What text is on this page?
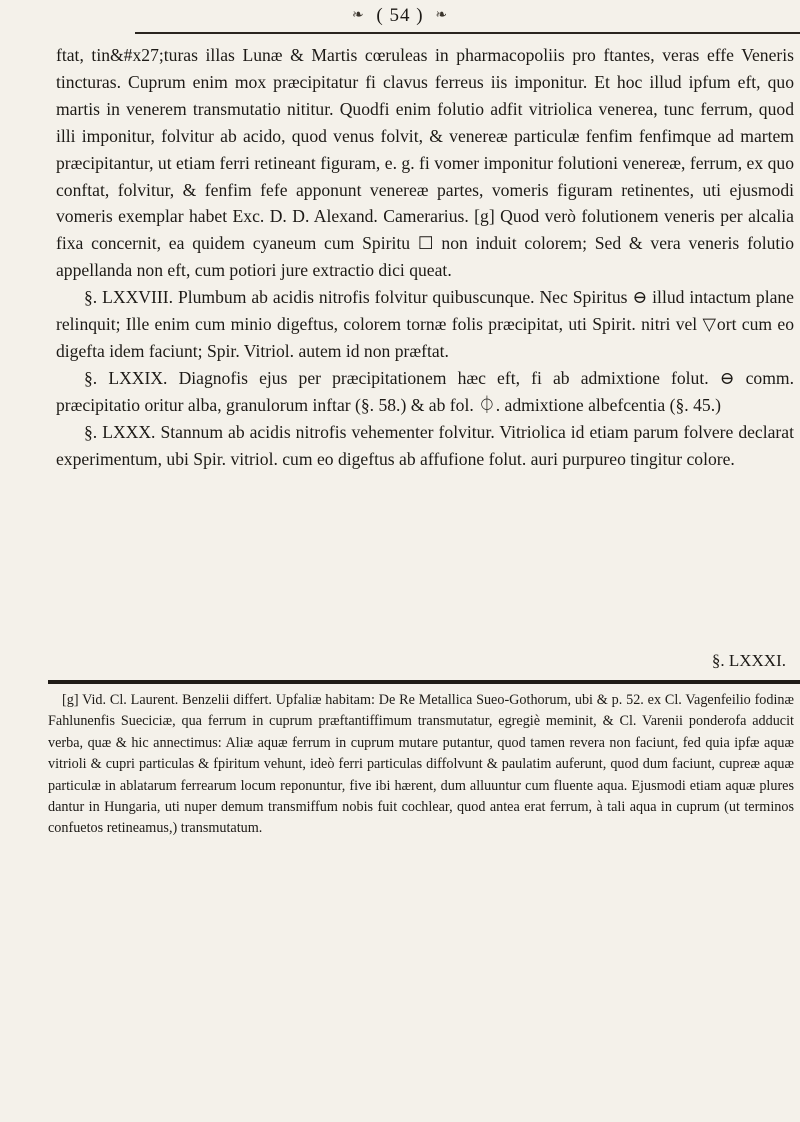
❧ ( 54 ) ❧

ftat, tin&#x27;turas illas Lunæ & Martis cœruleas in pharmacopoliis pro ftantes, veras effe Veneris tincturas. Cuprum enim mox præcipitatur fi clavus ferreus iis imponitur. Et hoc illud ipfum eft, quo martis in venerem transmutatio nititur. Quodfi enim folutio adfit vitriolica venerea, tunc ferrum, quod illi imponitur, folvitur ab acido, quod venus folvit, & venereæ particulæ fenfim fenfimque ad martem præcipitantur, ut etiam ferri retineant figuram, e. g. fi vomer imponitur folutioni venereæ, ferrum, ex quo conftat, folvitur, & fenfim fefe apponunt venereæ partes, vomeris figuram retinentes, uti ejusmodi vomeris exemplar habet Exc. D. D. Alexand. Camerarius. [g] Quod verò folutionem veneris per alcalia fixa concernit, ea quidem cyaneum cum Spiritu ☐ non induit colorem; Sed & vera veneris folutio appellanda non eft, cum potiori jure extractio dici queat.

§. LXXVIII. Plumbum ab acidis nitrofis folvitur quibuscunque. Nec Spiritus ⊖ illud intactum plane relinquit; Ille enim cum minio digeftus, colorem tornæ folis præcipitat, uti Spirit. nitri vel ▽ort cum eo digefta idem faciunt; Spir. Vitriol. autem id non præftat.

§. LXXIX. Diagnofis ejus per præcipitationem hæc eft, fi ab admixtione folut. ⊖ comm. præcipitatio oritur alba, granulorum inftar (§. 58.) & ab fol. ⏀. admixtione albefcentia (§. 45.)

§. LXXX. Stannum ab acidis nitrofis vehementer folvitur. Vitriolica id etiam parum folvere declarat experimentum, ubi Spir. vitriol. cum eo digeftus ab affufione folut. auri purpureo tingitur colore.

§. LXXXI.

[g] Vid. Cl. Laurent. Benzelii differt. Upfaliæ habitam: De Re Metallica Sueo-Gothorum, ubi & p. 52. ex Cl. Vagenfeilio fodinæ Fahlunenfis Sueciciæ, qua ferrum in cuprum præftantiffimum transmutatur, egregiè meminit, & Cl. Varenii ponderofa adducit verba, quæ & hic annectimus: Aliæ aquæ ferrum in cuprum mutare putantur, quod tamen revera non faciunt, fed quia ipfæ aquæ vitrioli & cupri particulas & fpiritum vehunt, ideò ferri particulas diffolvunt & paulatim auferunt, quod dum faciunt, cupreæ aquæ particulæ in ablatarum ferrearum locum reponuntur, five ibi hærent, dum alluuntur cum fluente aqua. Ejusmodi etiam aquæ plures dantur in Hungaria, uti nuper demum transmiffum nobis fuit cochlear, quod antea erat ferrum, à tali aqua in cuprum (ut terminos confuetos retineamus,) transmutatum.
